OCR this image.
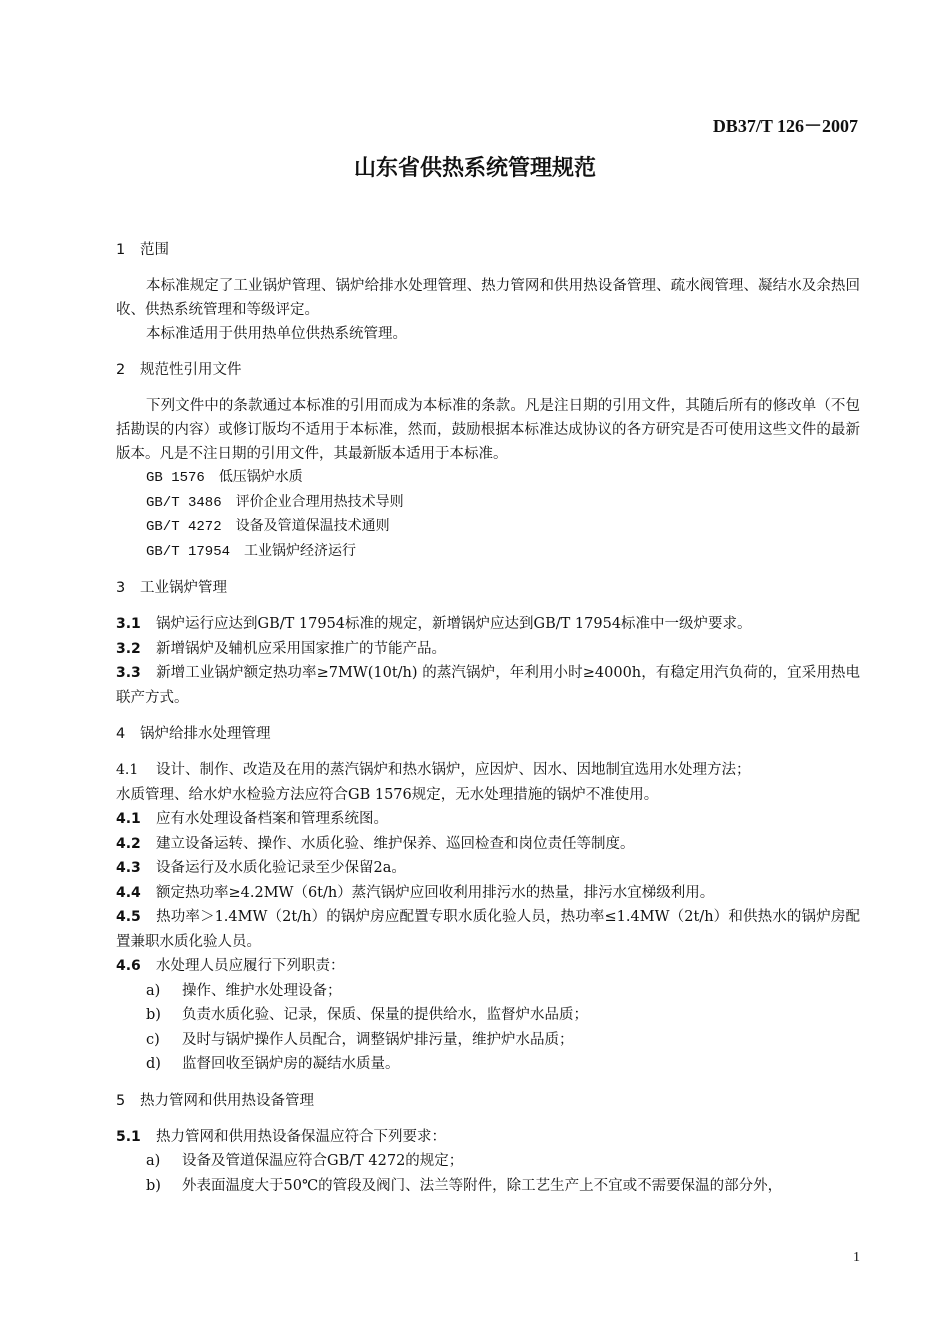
DB37/T 126－2007
山东省供热系统管理规范

1 范围

本标准规定了工业锅炉管理、锅炉给排水处理管理、热力管网和供用热设备管理、疏水阀管理、凝结水及余热回收、供热系统管理和等级评定。

本标准适用于供用热单位供热系统管理。

2 规范性引用文件

下列文件中的条款通过本标准的引用而成为本标准的条款。凡是注日期的引用文件，其随后所有的修改单（不包括勘误的内容）或修订版均不适用于本标准，然而，鼓励根据本标准达成协议的各方研究是否可使用这些文件的最新版本。凡是不注日期的引用文件，其最新版本适用于本标准。

GB 1576 低压锅炉水质

GB/T 3486 评价企业合理用热技术导则

GB/T 4272 设备及管道保温技术通则

GB/T 17954 工业锅炉经济运行

3 工业锅炉管理

3.1 锅炉运行应达到GB/T 17954标准的规定，新增锅炉应达到GB/T 17954标准中一级炉要求。

3.2 新增锅炉及辅机应采用国家推广的节能产品。

3.3 新增工业锅炉额定热功率≥7MW(10t/h) 的蒸汽锅炉，年利用小时≥4000h，有稳定用汽负荷的，宜采用热电联产方式。

4 锅炉给排水处理管理

4.1 设计、制作、改造及在用的蒸汽锅炉和热水锅炉，应因炉、因水、因地制宜选用水处理方法；

水质管理、给水炉水检验方法应符合GB 1576规定，无水处理措施的锅炉不准使用。

4.1 应有水处理设备档案和管理系统图。

4.2 建立设备运转、操作、水质化验、维护保养、巡回检查和岗位责任等制度。

4.3 设备运行及水质化验记录至少保留2a。

4.4 额定热功率≥4.2MW（6t/h）蒸汽锅炉应回收利用排污水的热量，排污水宜梯级利用。

4.5 热功率＞1.4MW（2t/h）的锅炉房应配置专职水质化验人员，热功率≤1.4MW（2t/h）和供热水的锅炉房配置兼职水质化验人员。

4.6 水处理人员应履行下列职责：

a) 操作、维护水处理设备；

b) 负责水质化验、记录，保质、保量的提供给水，监督炉水品质；

c) 及时与锅炉操作人员配合，调整锅炉排污量，维护炉水品质；

d) 监督回收至锅炉房的凝结水质量。

5 热力管网和供用热设备管理

5.1 热力管网和供用热设备保温应符合下列要求：

a) 设备及管道保温应符合GB/T 4272的规定；

b) 外表面温度大于50℃的管段及阀门、法兰等附件，除工艺生产上不宜或不需要保温的部分外，

1
